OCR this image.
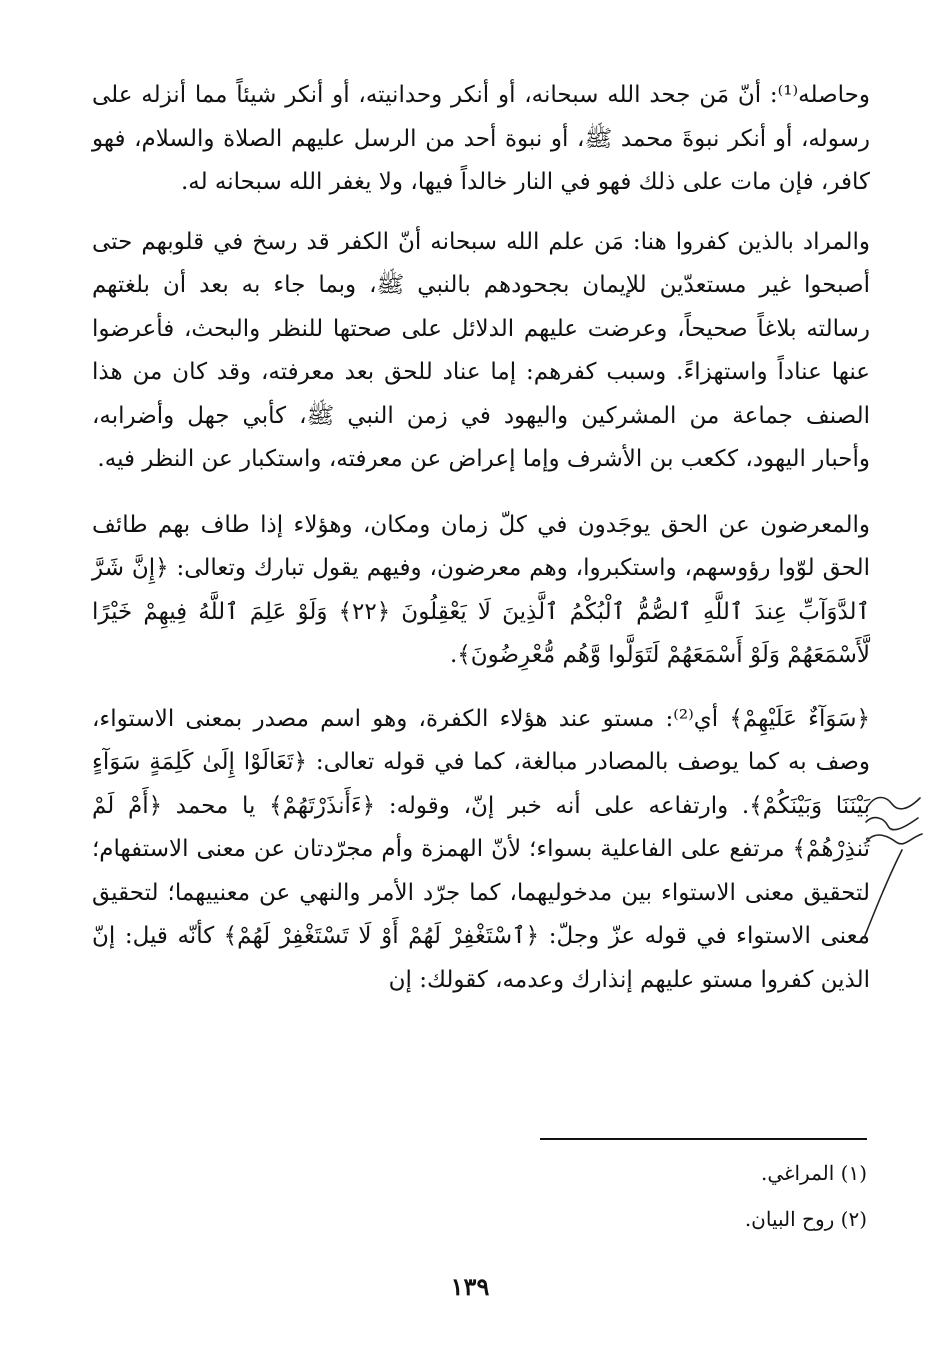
وحاصله⁽¹⁾: أنّ مَن جحد الله سبحانه، أو أنكر وحدانيته، أو أنكر شيئاً مما أنزله على رسوله، أو أنكر نبوةَ محمد ﷺ، أو نبوة أحد من الرسل عليهم الصلاة والسلام، فهو كافر، فإن مات على ذلك فهو في النار خالداً فيها، ولا يغفر الله سبحانه له.

والمراد بالذين كفروا هنا: مَن علم الله سبحانه أنّ الكفر قد رسخ في قلوبهم حتى أصبحوا غير مستعدّين للإيمان بجحودهم بالنبي ﷺ، وبما جاء به بعد أن بلغتهم رسالته بلاغاً صحيحاً، وعرضت عليهم الدلائل على صحتها للنظر والبحث، فأعرضوا عنها عناداً واستهزاءً. وسبب كفرهم: إما عناد للحق بعد معرفته، وقد كان من هذا الصنف جماعة من المشركين واليهود في زمن النبي ﷺ، كأبي جهل وأضرابه، وأحبار اليهود، ككعب بن الأشرف وإما إعراض عن معرفته، واستكبار عن النظر فيه.

والمعرضون عن الحق يوجَدون في كلّ زمان ومكان، وهؤلاء إذا طاف بهم طائف الحق لوّوا رؤوسهم، واستكبروا، وهم معرضون، وفيهم يقول تبارك وتعالى: ﴿إِنَّ شَرَّ ٱلدَّوَآبِّ عِندَ ٱللَّهِ ٱلصُّمُّ ٱلْبُكْمُ ٱلَّذِينَ لَا يَعْقِلُونَ ﴿٢٢﴾ وَلَوْ عَلِمَ ٱللَّهُ فِيهِمْ خَيْرًا لَّأَسْمَعَهُمْ وَلَوْ أَسْمَعَهُمْ لَتَوَلَّوا وَّهُم مُّعْرِضُونَ﴾.

﴿سَوَآءٌ عَلَيْهِمْ﴾ أي⁽²⁾: مستو عند هؤلاء الكفرة، وهو اسم مصدر بمعنى الاستواء، وصف به كما يوصف بالمصادر مبالغة، كما في قوله تعالى: ﴿تَعَالَوْا إِلَىٰ كَلِمَةٍ سَوَآءٍ بَيْنَنَا وَبَيْنَكُمْ﴾. وارتفاعه على أنه خبر إنّ، وقوله: ﴿ءَأَنذَرْتَهُمْ﴾ يا محمد ﴿أَمْ لَمْ تُنذِرْهُمْ﴾ مرتفع على الفاعلية بسواء؛ لأنّ الهمزة وأم مجرّدتان عن معنى الاستفهام؛ لتحقيق معنى الاستواء بين مدخوليهما، كما جرّد الأمر والنهي عن معنييهما؛ لتحقيق معنى الاستواء في قوله عزّ وجلّ: ﴿ٱسْتَغْفِرْ لَهُمْ أَوْ لَا تَسْتَغْفِرْ لَهُمْ﴾ كأنّه قيل: إنّ الذين كفروا مستو عليهم إنذارك وعدمه، كقولك: إن

(١) المراغي.

(٢) روح البيان.

١٣٩
